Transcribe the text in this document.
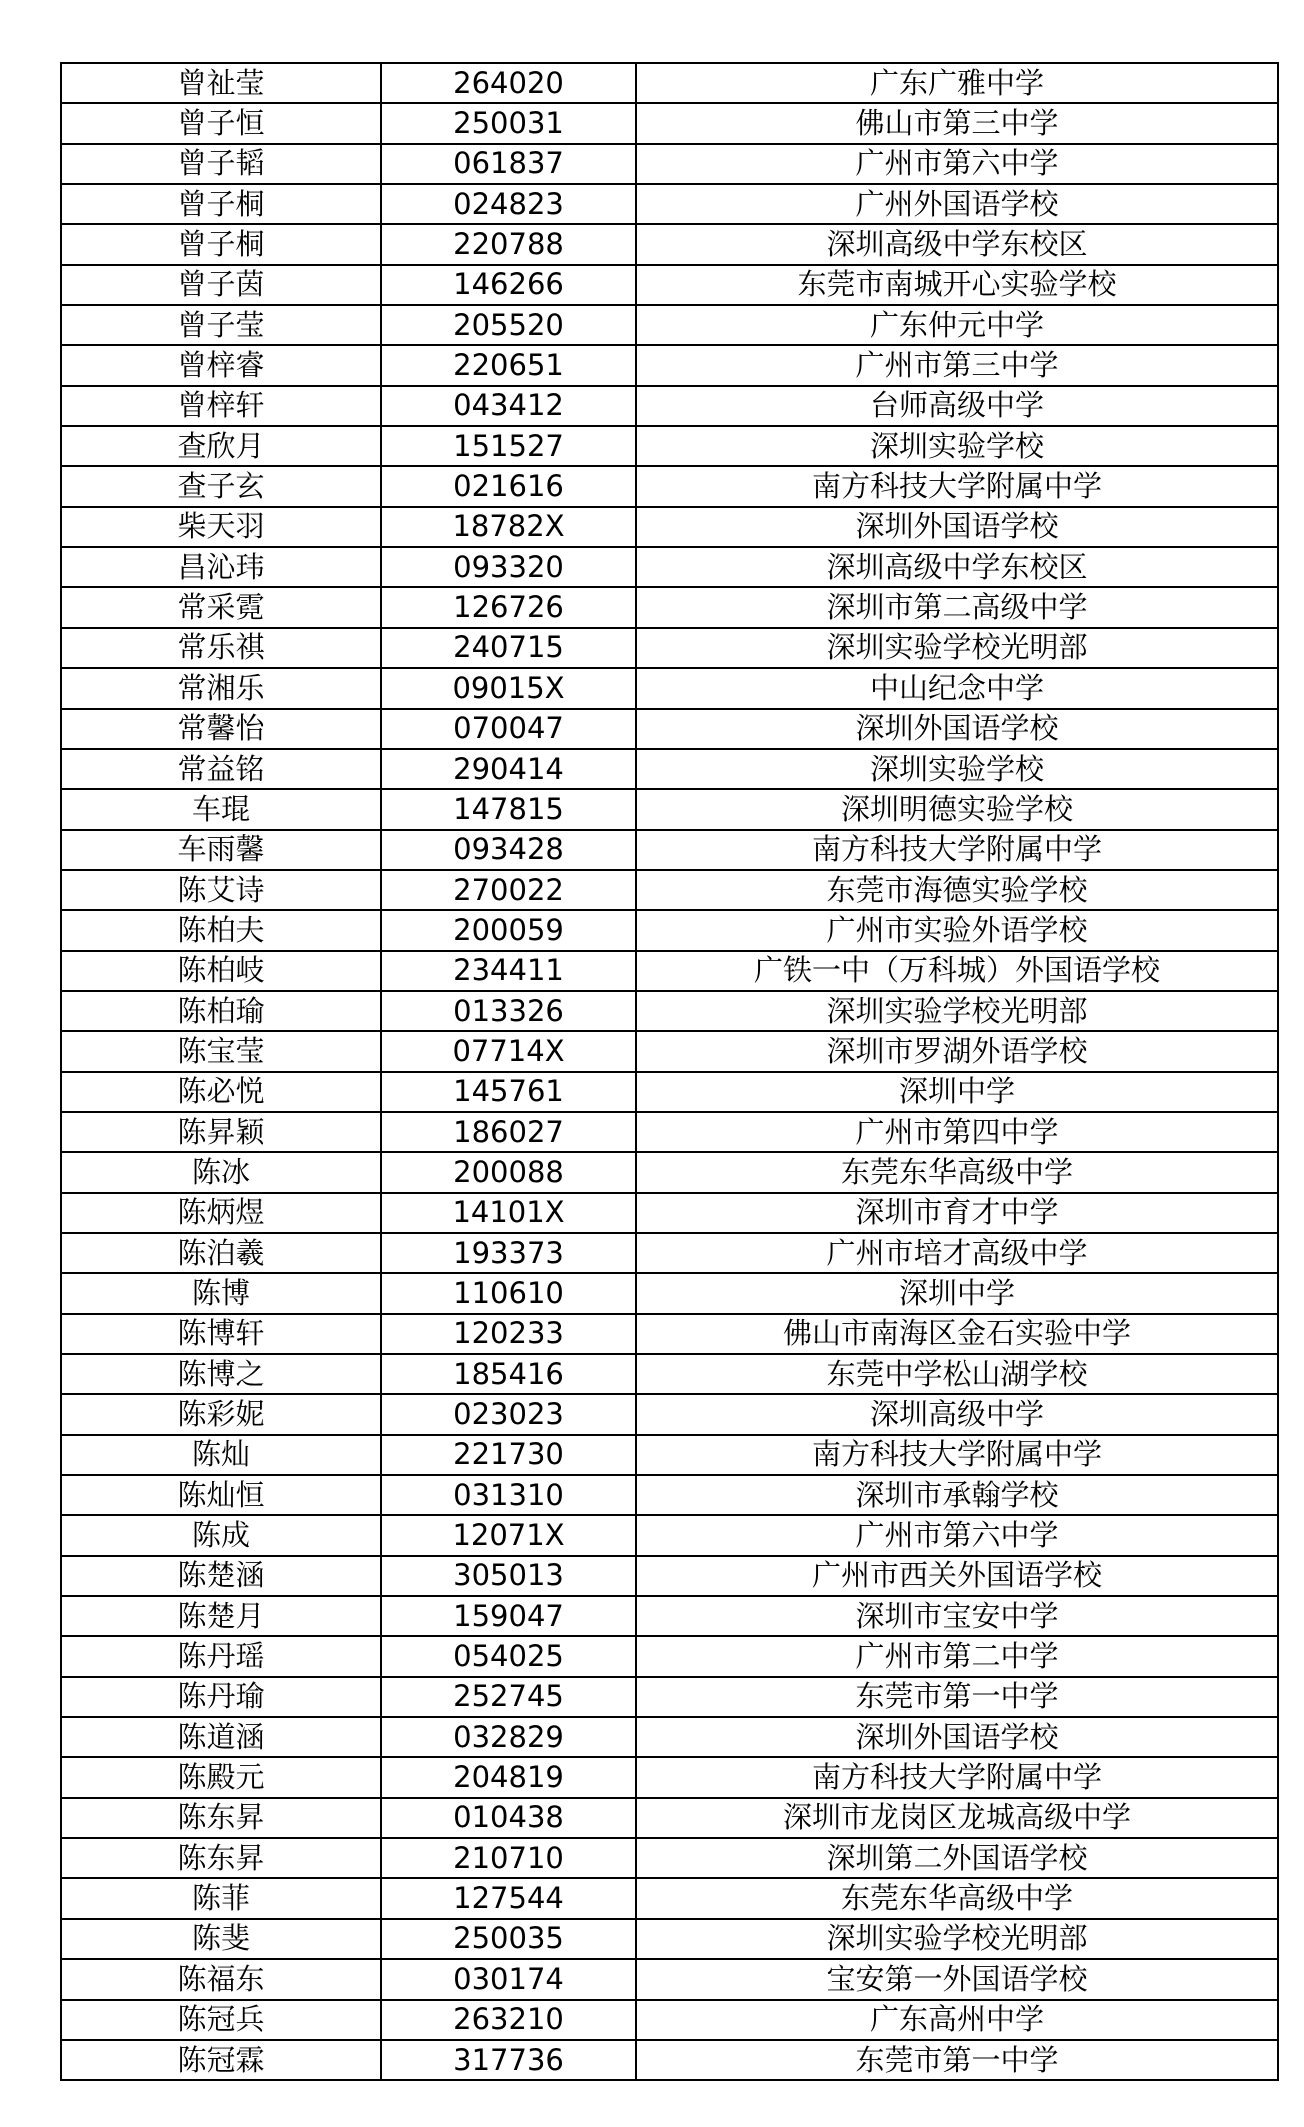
曾祉莹	264020	广东广雅中学
曾子恒	250031	佛山市第三中学
曾子韬	061837	广州市第六中学
曾子桐	024823	广州外国语学校
曾子桐	220788	深圳高级中学东校区
曾子茵	146266	东莞市南城开心实验学校
曾子莹	205520	广东仲元中学
曾梓睿	220651	广州市第三中学
曾梓轩	043412	台师高级中学
查欣月	151527	深圳实验学校
查子玄	021616	南方科技大学附属中学
柴天羽	18782X	深圳外国语学校
昌沁玮	093320	深圳高级中学东校区
常采霓	126726	深圳市第二高级中学
常乐祺	240715	深圳实验学校光明部
常湘乐	09015X	中山纪念中学
常馨怡	070047	深圳外国语学校
常益铭	290414	深圳实验学校
车琨	147815	深圳明德实验学校
车雨馨	093428	南方科技大学附属中学
陈艾诗	270022	东莞市海德实验学校
陈柏夫	200059	广州市实验外语学校
陈柏岐	234411	广铁一中（万科城）外国语学校
陈柏瑜	013326	深圳实验学校光明部
陈宝莹	07714X	深圳市罗湖外语学校
陈必悦	145761	深圳中学
陈昇颖	186027	广州市第四中学
陈冰	200088	东莞东华高级中学
陈炳煜	14101X	深圳市育才中学
陈泊羲	193373	广州市培才高级中学
陈博	110610	深圳中学
陈博轩	120233	佛山市南海区金石实验中学
陈博之	185416	东莞中学松山湖学校
陈彩妮	023023	深圳高级中学
陈灿	221730	南方科技大学附属中学
陈灿恒	031310	深圳市承翰学校
陈成	12071X	广州市第六中学
陈楚涵	305013	广州市西关外国语学校
陈楚月	159047	深圳市宝安中学
陈丹瑶	054025	广州市第二中学
陈丹瑜	252745	东莞市第一中学
陈道涵	032829	深圳外国语学校
陈殿元	204819	南方科技大学附属中学
陈东昇	010438	深圳市龙岗区龙城高级中学
陈东昇	210710	深圳第二外国语学校
陈菲	127544	东莞东华高级中学
陈斐	250035	深圳实验学校光明部
陈福东	030174	宝安第一外国语学校
陈冠兵	263210	广东高州中学
陈冠霖	317736	东莞市第一中学
